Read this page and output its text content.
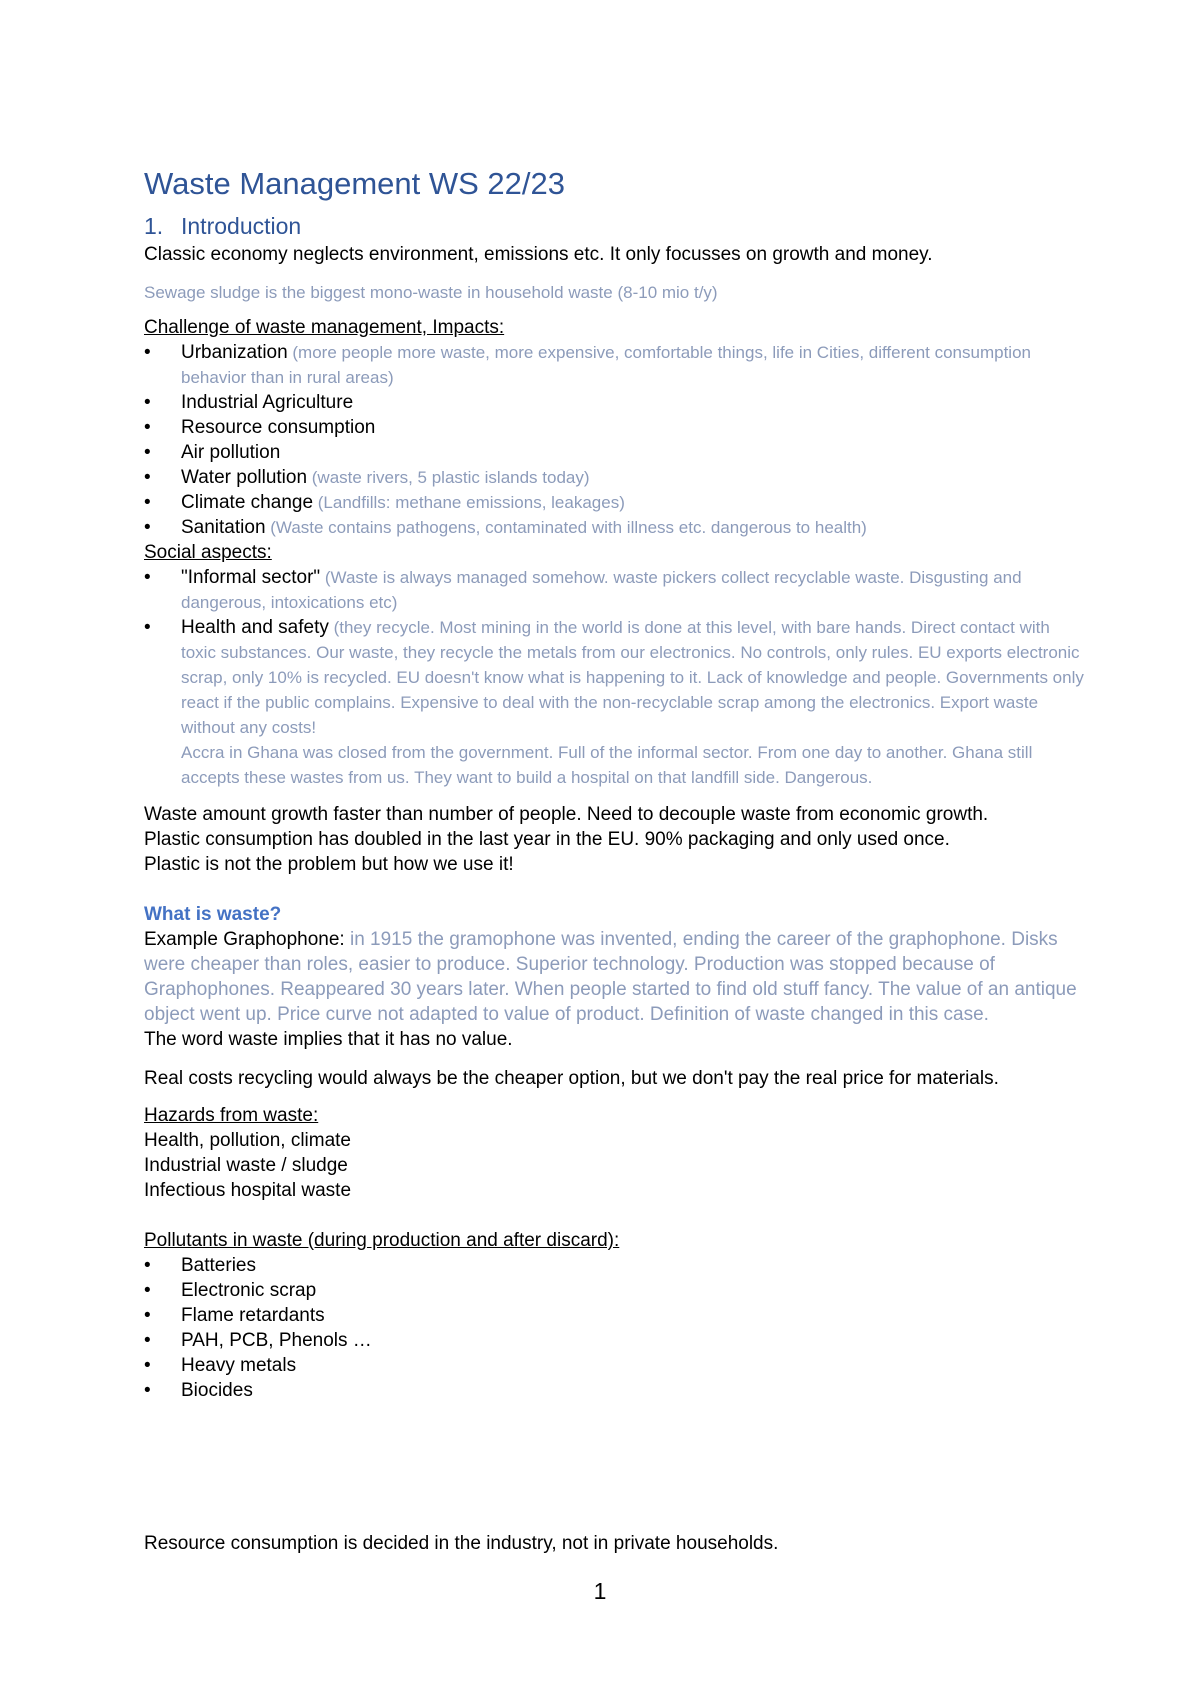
Waste Management WS 22/23
1. Introduction

Classic economy neglects environment, emissions etc. It only focusses on growth and money.

Sewage sludge is the biggest mono-waste in household waste (8-10 mio t/y)

Challenge of waste management, Impacts:

• Urbanization (more people more waste, more expensive, comfortable things, life in Cities, different consumption behavior than in rural areas)
• Industrial Agriculture
• Resource consumption
• Air pollution
• Water pollution (waste rivers, 5 plastic islands today)
• Climate change (Landfills: methane emissions, leakages)
• Sanitation (Waste contains pathogens, contaminated with illness etc. dangerous to health)

Social aspects:

• "Informal sector" (Waste is always managed somehow. waste pickers collect recyclable waste. Disgusting and dangerous, intoxications etc)
• Health and safety (they recycle. Most mining in the world is done at this level, with bare hands. Direct contact with toxic substances. Our waste, they recycle the metals from our electronics. No controls, only rules. EU exports electronic scrap, only 10% is recycled. EU doesn't know what is happening to it. Lack of knowledge and people. Governments only react if the public complains. Expensive to deal with the non-recyclable scrap among the electronics. Export waste without any costs!
Accra in Ghana was closed from the government. Full of the informal sector. From one day to another. Ghana still accepts these wastes from us. They want to build a hospital on that landfill side. Dangerous.

Waste amount growth faster than number of people. Need to decouple waste from economic growth.

Plastic consumption has doubled in the last year in the EU. 90% packaging and only used once.

Plastic is not the problem but how we use it!

What is waste?

Example Graphophone: in 1915 the gramophone was invented, ending the career of the graphophone. Disks were cheaper than roles, easier to produce. Superior technology. Production was stopped because of Graphophones. Reappeared 30 years later. When people started to find old stuff fancy. The value of an antique object went up. Price curve not adapted to value of product. Definition of waste changed in this case.

The word waste implies that it has no value.

Real costs recycling would always be the cheaper option, but we don't pay the real price for materials.

Hazards from waste:

Health, pollution, climate

Industrial waste / sludge

Infectious hospital waste

Pollutants in waste (during production and after discard):

• Batteries
• Electronic scrap
• Flame retardants
• PAH, PCB, Phenols …
• Heavy metals
• Biocides
Resource consumption is decided in the industry, not in private households.
1
